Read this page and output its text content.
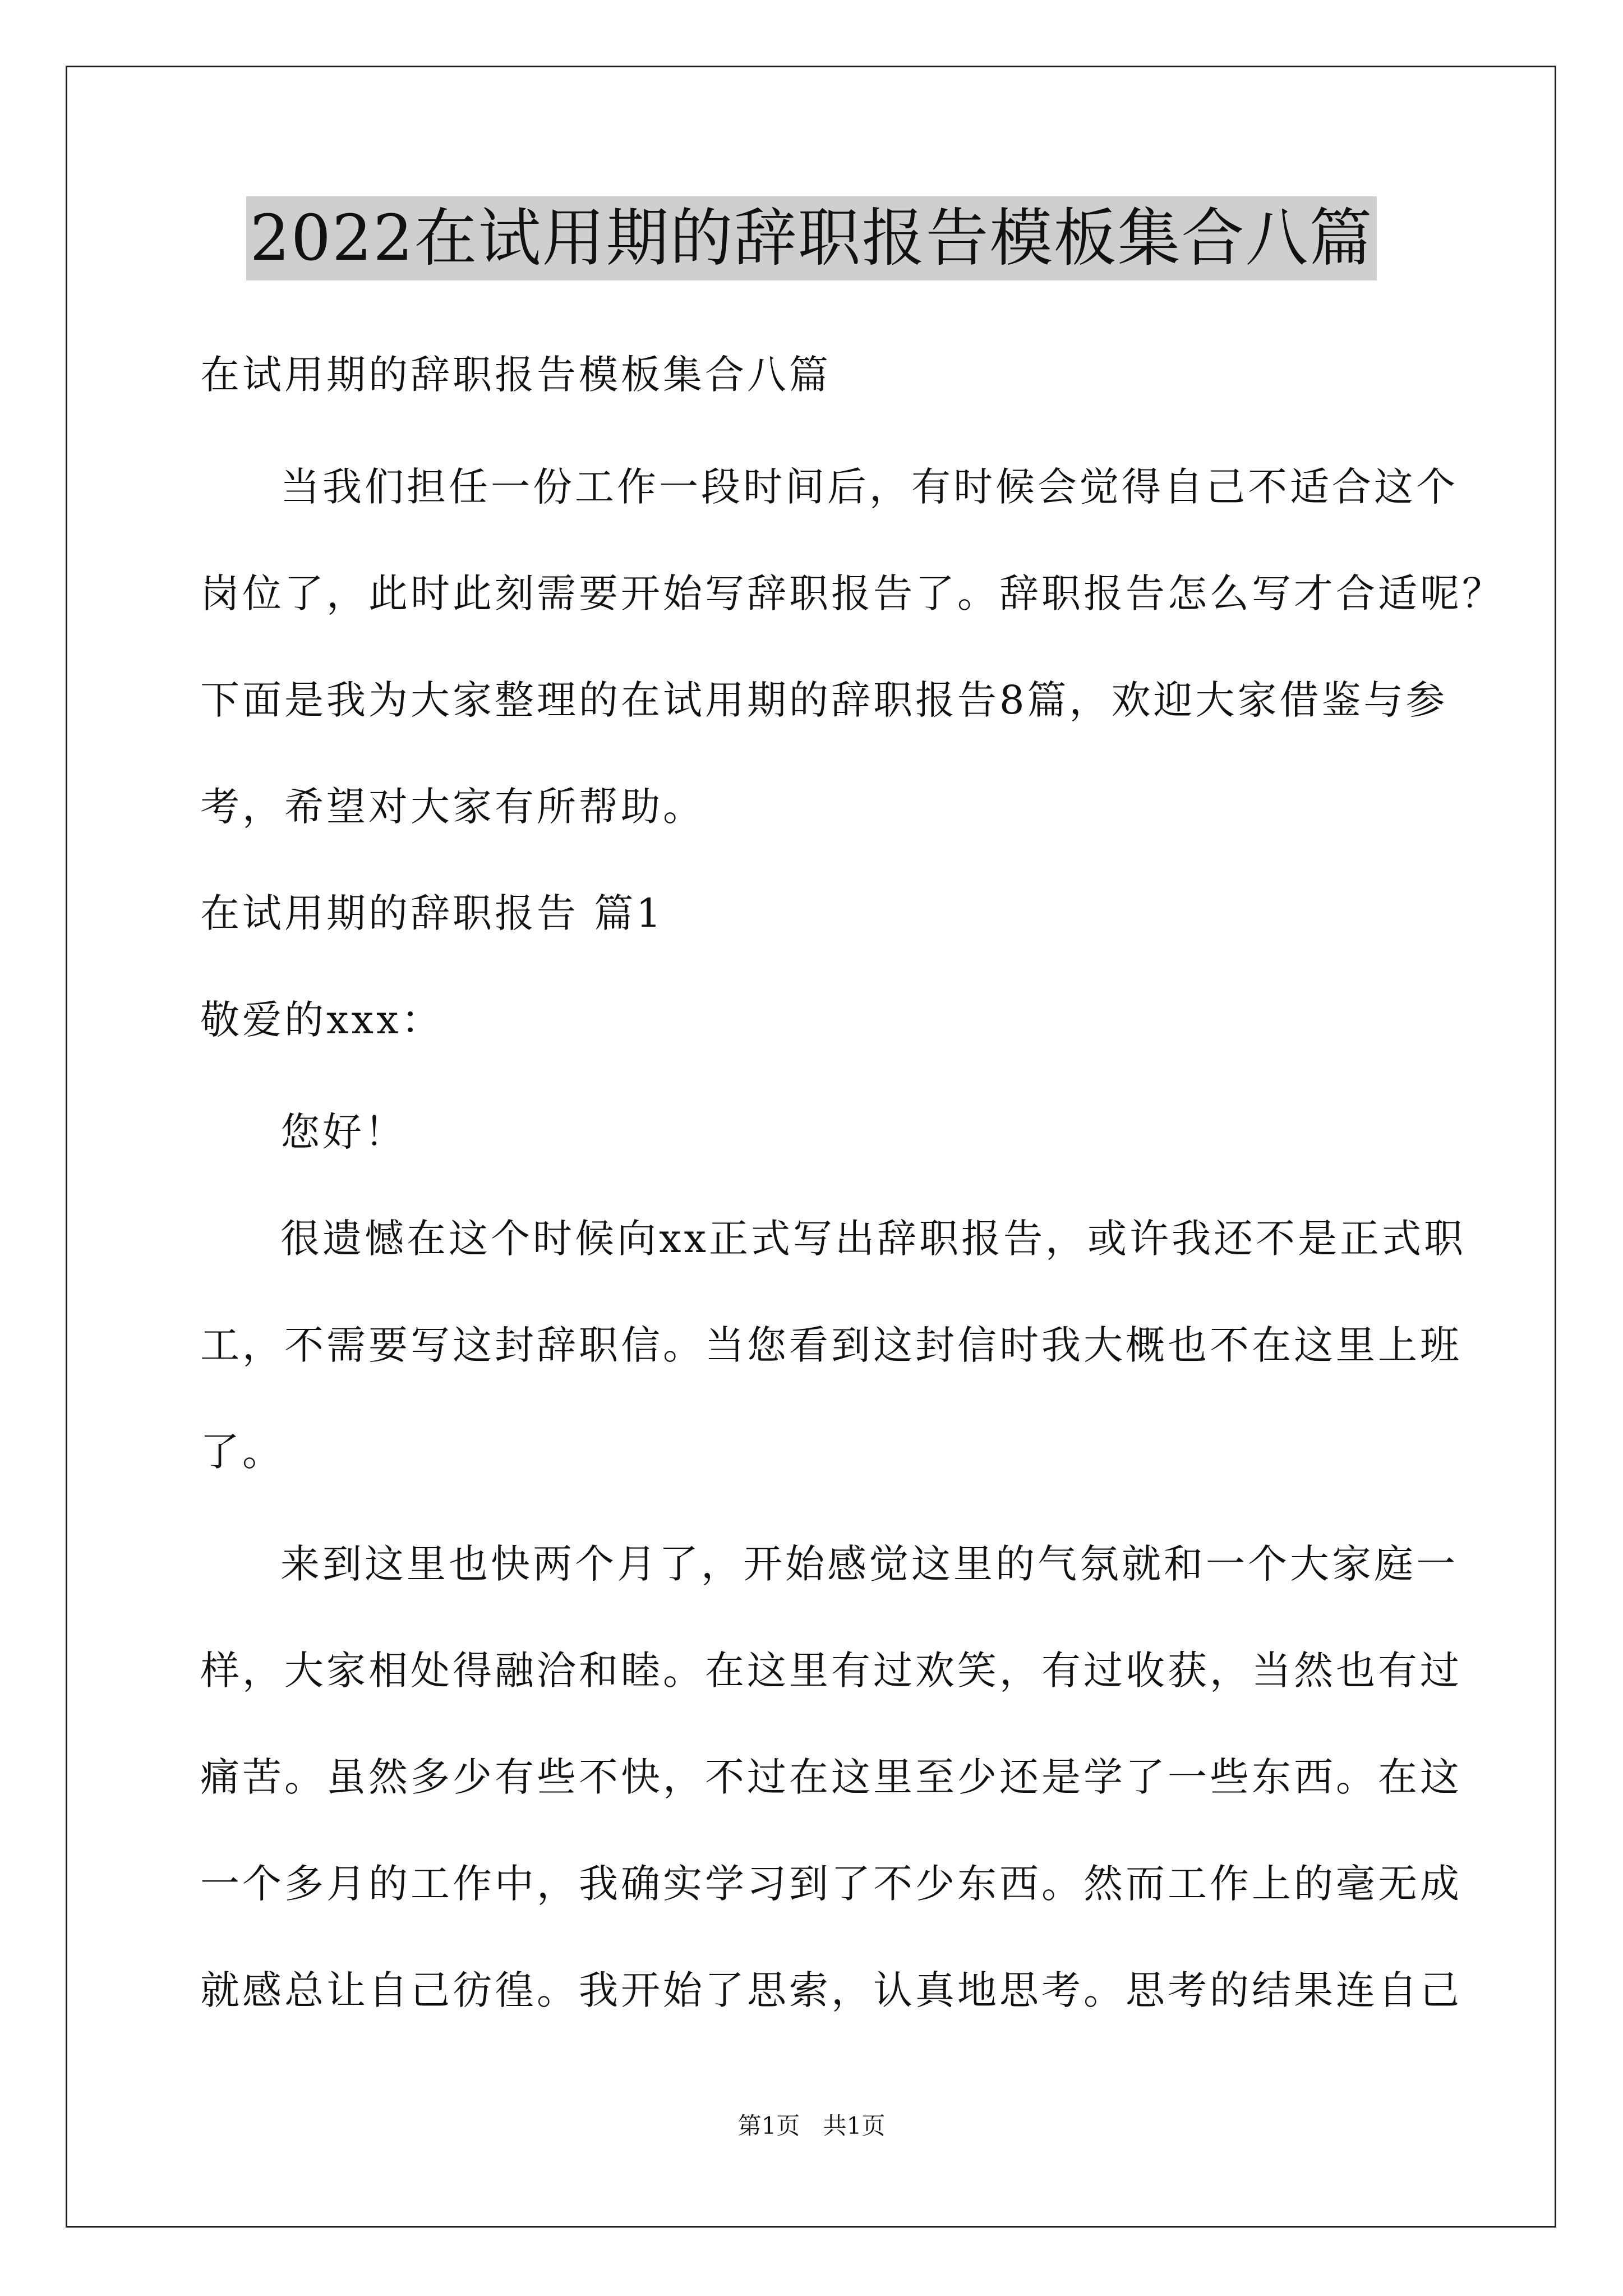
2022在试用期的辞职报告模板集合八篇
在试用期的辞职报告模板集合八篇
当我们担任一份工作一段时间后，有时候会觉得自己不适合这个
岗位了，此时此刻需要开始写辞职报告了。辞职报告怎么写才合适呢？
下面是我为大家整理的在试用期的辞职报告8篇，欢迎大家借鉴与参
考，希望对大家有所帮助。
在试用期的辞职报告 篇1
敬爱的xxx：
您好！
很遗憾在这个时候向xx正式写出辞职报告，或许我还不是正式职
工，不需要写这封辞职信。当您看到这封信时我大概也不在这里上班
了。
来到这里也快两个月了，开始感觉这里的气氛就和一个大家庭一
样，大家相处得融洽和睦。在这里有过欢笑，有过收获，当然也有过
痛苦。虽然多少有些不快，不过在这里至少还是学了一些东西。在这
一个多月的工作中，我确实学习到了不少东西。然而工作上的毫无成
就感总让自己彷徨。我开始了思索，认真地思考。思考的结果连自己
第1页 共1页
